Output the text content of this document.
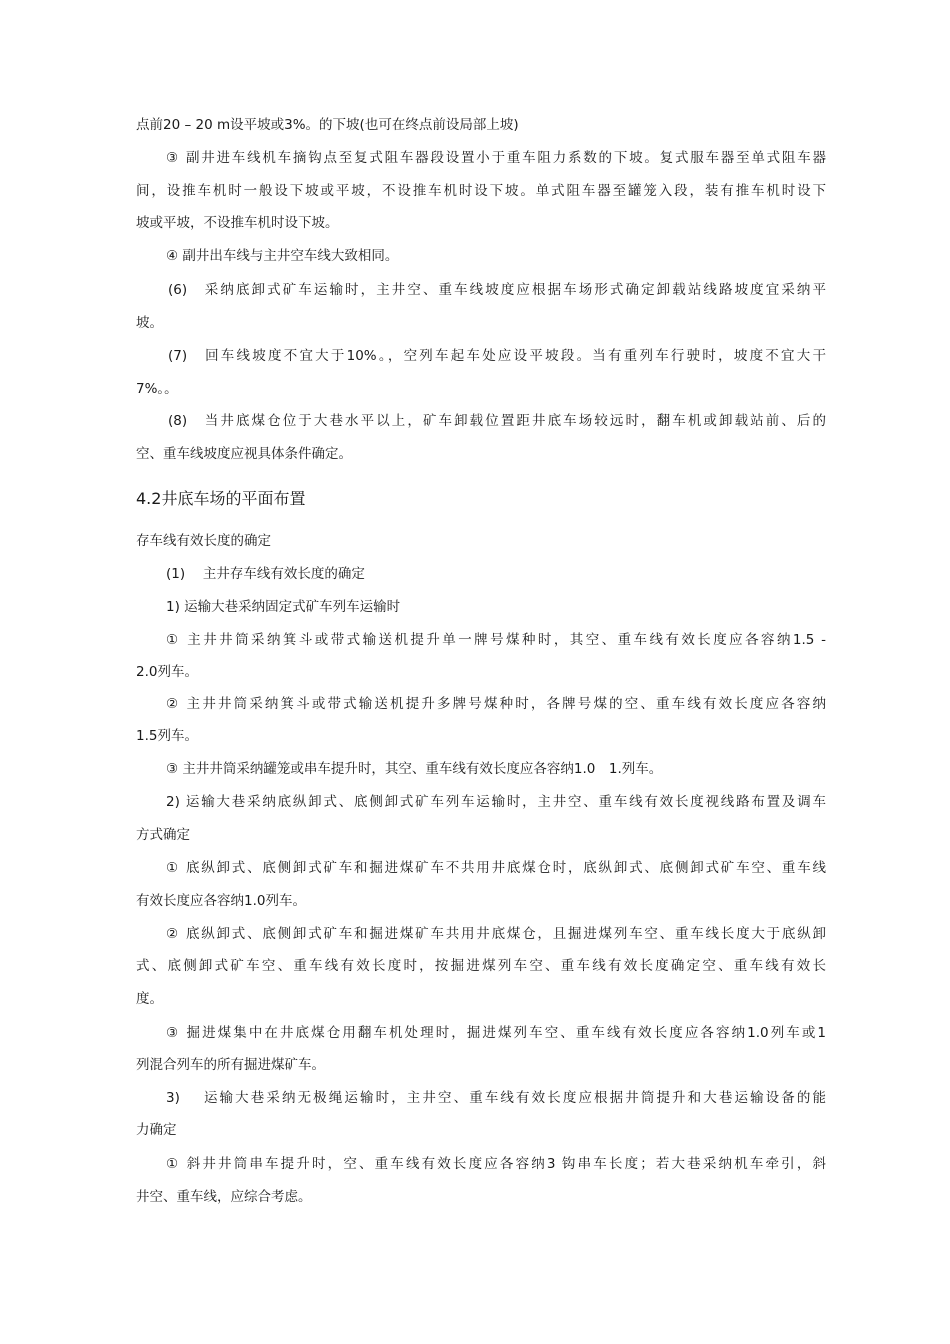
点前20 – 20 m设平坡或3%。的下坡(也可在终点前设局部上坡)

③ 副井进车线机车摘钩点至复式阻车器段设置小于重车阻力系数的下坡。复式服车器至单式阻车器

间，设推车机时一般设下坡或平坡，不设推车机时设下坡。单式阻车器至罐笼入段，装有推车机时设下

坡或平坡，不设推车机时设下坡。

④ 副井出车线与主井空车线大致相同。

(6)　采纳底卸式矿车运输时，主井空、重车线坡度应根据车场形式确定卸载站线路坡度宜采纳平

坡。

(7)　回车线坡度不宜大于10%。，空列车起车处应设平坡段。当有重列车行驶时，坡度不宜大干

7%。。

(8)　当井底煤仓位于大巷水平以上，矿车卸载位置距井底车场较远时，翻车机或卸载站前、后的

空、重车线坡度应视具体条件确定。

4.2井底车场的平面布置

存车线有效长度的确定

(1)　 主井存车线有效长度的确定

1) 运输大巷采纳固定式矿车列车运输时

① 主井井筒采纳箕斗或带式输送机提升单一牌号煤种时，其空、重车线有效长度应各容纳1.5 -

2.0列车。

② 主井井筒采纳箕斗或带式输送机提升多牌号煤种时，各牌号煤的空、重车线有效长度应各容纳

1.5列车。

③ 主井井筒采纳罐笼或串车提升时，其空、重车线有效长度应各容纳1.0　1.列车。

2) 运输大巷采纳底纵卸式、底侧卸式矿车列车运输时，主井空、重车线有效长度视线路布置及调车

方式确定

① 底纵卸式、底侧卸式矿车和掘进煤矿车不共用井底煤仓时，底纵卸式、底侧卸式矿车空、重车线

有效长度应各容纳1.0列车。

② 底纵卸式、底侧卸式矿车和掘进煤矿车共用井底煤仓，且掘进煤列车空、重车线长度大于底纵卸

式、底侧卸式矿车空、重车线有效长度时，按掘进煤列车空、重车线有效长度确定空、重车线有效长

度。

③ 掘进煤集中在井底煤仓用翻车机处理时，掘进煤列车空、重车线有效长度应各容纳1.0列车或1

列混合列车的所有掘进煤矿车。

3)　 运输大巷采纳无极绳运输时，主井空、重车线有效长度应根据井筒提升和大巷运输设备的能

力确定

① 斜井井筒串车提升时，空、重车线有效长度应各容纳3 钩串车长度；若大巷采纳机车牵引，斜

井空、重车线，应综合考虑。
